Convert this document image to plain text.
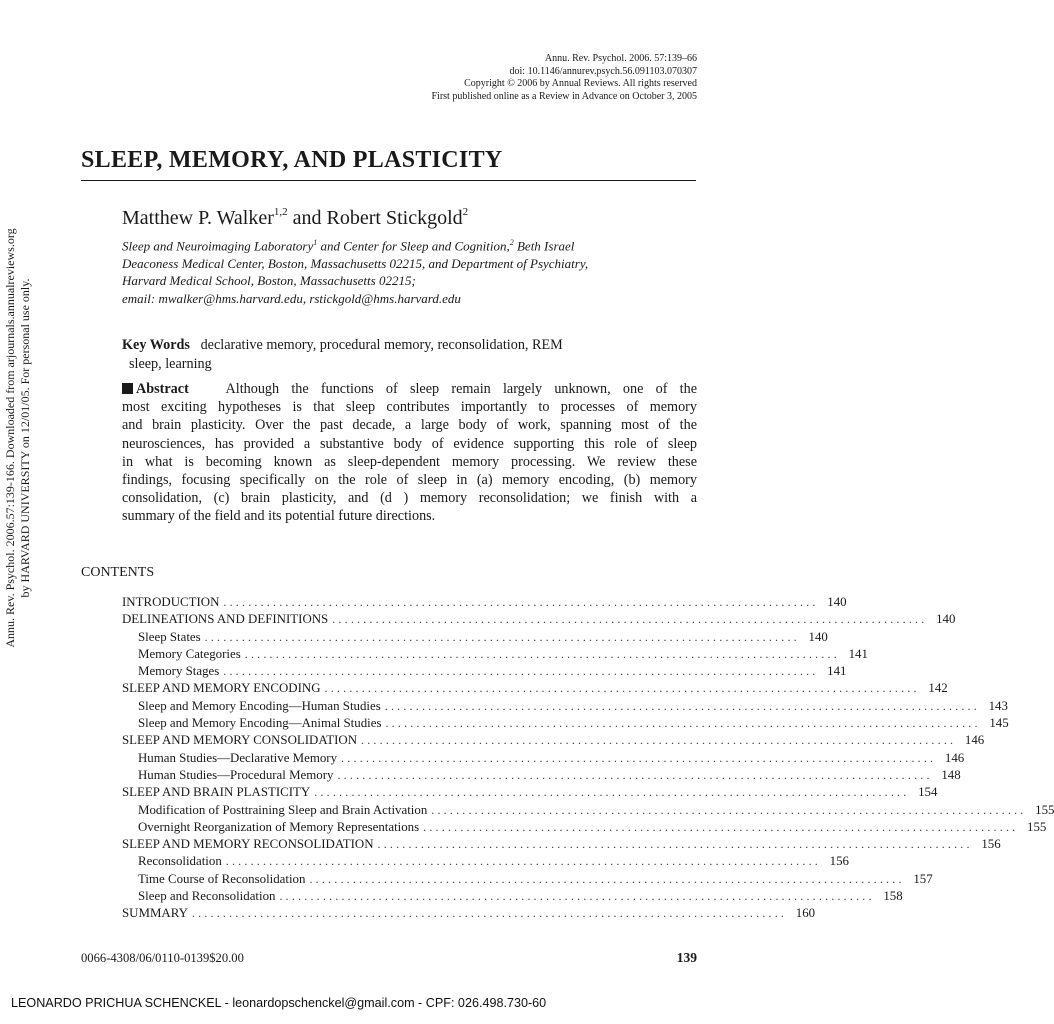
Annu. Rev. Psychol. 2006. 57:139–66
doi: 10.1146/annurev.psych.56.091103.070307
Copyright © 2006 by Annual Reviews. All rights reserved
First published online as a Review in Advance on October 3, 2005
SLEEP, MEMORY, AND PLASTICITY
Matthew P. Walker$^{1,2}$ and Robert Stickgold$^2$
Sleep and Neuroimaging Laboratory$^1$ and Center for Sleep and Cognition,$^2$ Beth Israel
Deaconess Medical Center, Boston, Massachusetts 02215, and Department of Psychiatry,
Harvard Medical School, Boston, Massachusetts 02215;
email: mwalker@hms.harvard.edu, rstickgold@hms.harvard.edu
Key Words declarative memory, procedural memory, reconsolidation, REM
sleep, learning
Abstract	Although the functions of sleep remain largely unknown, one of the
most exciting hypotheses is that sleep contributes importantly to processes of memory
and brain plasticity. Over the past decade, a large body of work, spanning most of the
neurosciences, has provided a substantive body of evidence supporting this role of sleep
in what is becoming known as sleep-dependent memory processing. We review these
findings, focusing specifically on the role of sleep in (a) memory encoding, (b) memory
consolidation, (c) brain plasticity, and (d ) memory reconsolidation; we finish with a
summary of the field and its potential future directions.
CONTENTS
INTRODUCTION ................................................................................................ 140
DELINEATIONS AND DEFINITIONS ................................................................................................ 140
Sleep States ................................................................................................ 140
Memory Categories ................................................................................................ 141
Memory Stages ................................................................................................ 141
SLEEP AND MEMORY ENCODING ................................................................................................ 142
Sleep and Memory Encoding—Human Studies ................................................................................................ 143
Sleep and Memory Encoding—Animal Studies ................................................................................................ 145
SLEEP AND MEMORY CONSOLIDATION ................................................................................................ 146
Human Studies—Declarative Memory ................................................................................................ 146
Human Studies—Procedural Memory ................................................................................................ 148
SLEEP AND BRAIN PLASTICITY ................................................................................................ 154
Modification of Posttraining Sleep and Brain Activation ................................................................................................ 155
Overnight Reorganization of Memory Representations ................................................................................................ 155
SLEEP AND MEMORY RECONSOLIDATION ................................................................................................ 156
Reconsolidation ................................................................................................ 156
Time Course of Reconsolidation ................................................................................................ 157
Sleep and Reconsolidation ................................................................................................ 158
SUMMARY ................................................................................................ 160
0066-4308/06/0110-0139$20.00	139
Annu. Rev. Psychol. 2006.57:139-166. Downloaded from arjournals.annualreviews.org by HARVARD UNIVERSITY on 12/01/05. For personal use only.
LEONARDO PRICHUA SCHENCKEL - leonardopschenckel@gmail.com - CPF: 026.498.730-60
